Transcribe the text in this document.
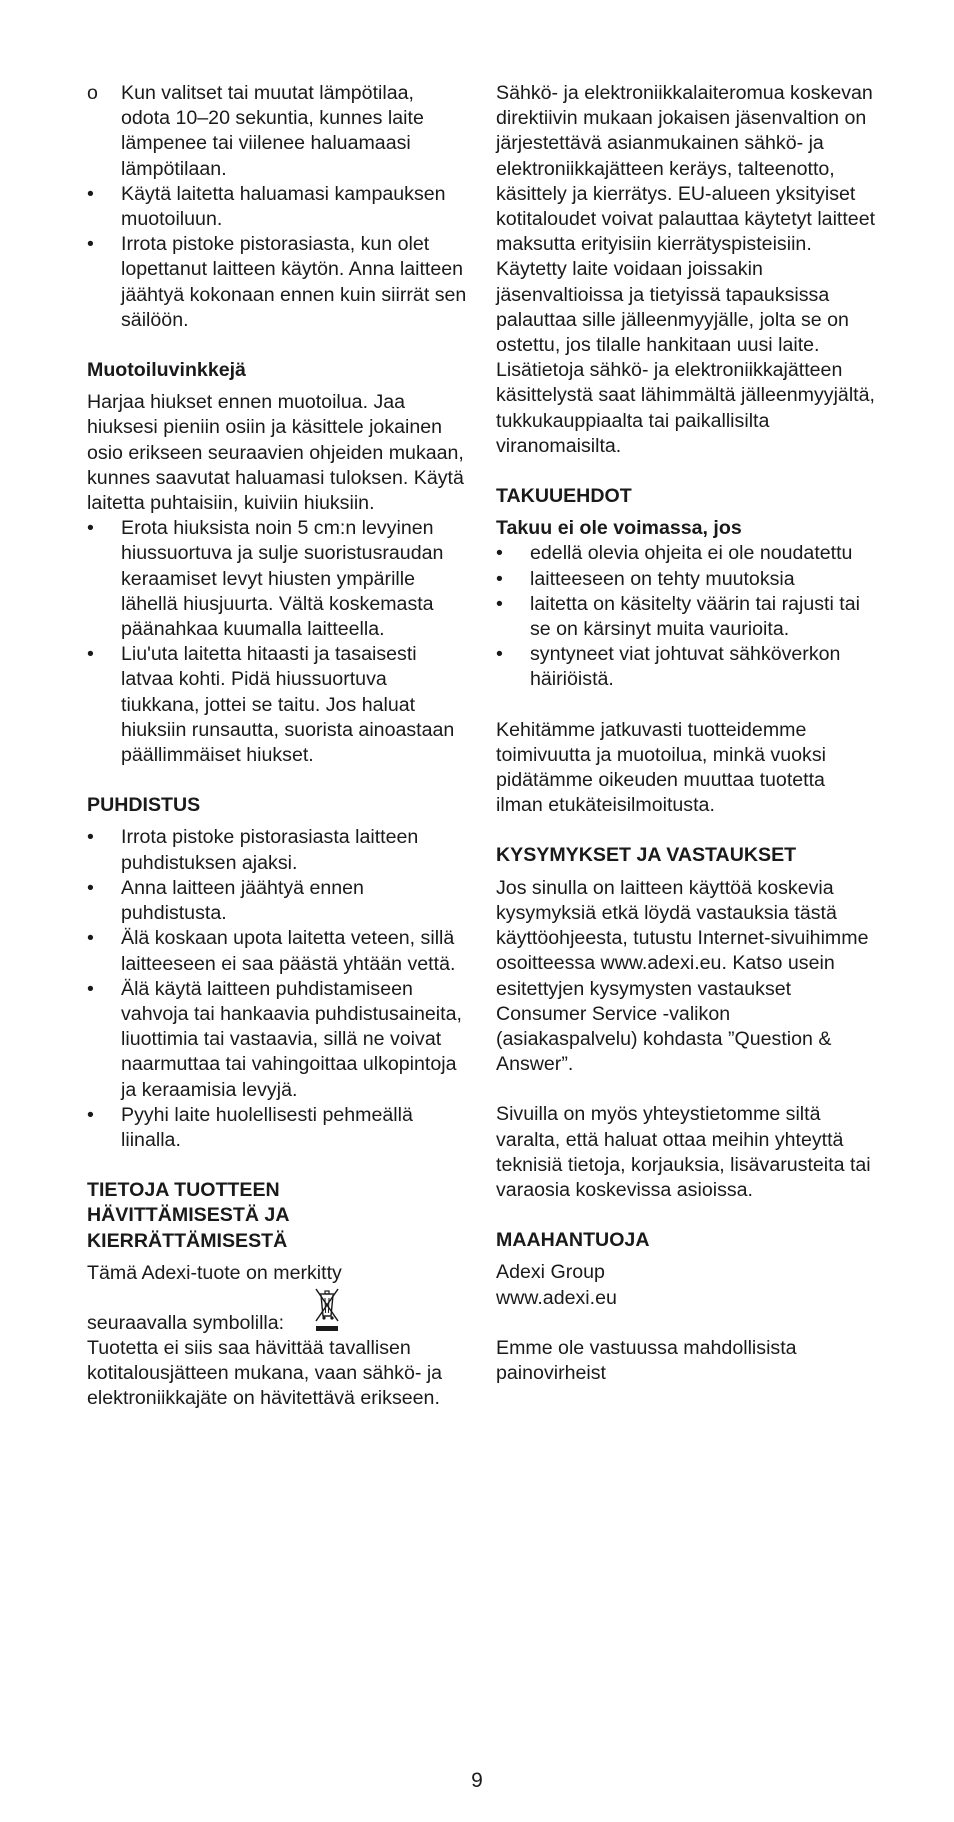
o	Kun valitset tai muutat lämpötilaa, odota 10–20 sekuntia, kunnes laite lämpenee tai viilenee haluamaasi lämpötilaan.
•	Käytä laitetta haluamasi kampauksen muotoiluun.
•	Irrota pistoke pistorasiasta, kun olet lopettanut laitteen käytön. Anna laitteen jäähtyä kokonaan ennen kuin siirrät sen säilöön.
Muotoiluvinkkejä

Harjaa hiukset ennen muotoilua. Jaa hiuksesi pieniin osiin ja käsittele jokainen osio erikseen seuraavien ohjeiden mukaan, kunnes saavutat haluamasi tuloksen. Käytä laitetta puhtaisiin, kuiviin hiuksiin.

•	Erota hiuksista noin 5 cm:n levyinen hiussuortuva ja sulje suoristusraudan keraamiset levyt hiusten ympärille lähellä hiusjuurta. Vältä koskemasta päänahkaa kuumalla laitteella.
•	Liu'uta laitetta hitaasti ja tasaisesti latvaa kohti. Pidä hiussuortuva tiukkana, jottei se taitu. Jos haluat hiuksiin runsautta, suorista ainoastaan päällimmäiset hiukset.
PUHDISTUS
•	Irrota pistoke pistorasiasta laitteen puhdistuksen ajaksi.
•	Anna laitteen jäähtyä ennen puhdistusta.
•	Älä koskaan upota laitetta veteen, sillä laitteeseen ei saa päästä yhtään vettä.
•	Älä käytä laitteen puhdistamiseen vahvoja tai hankaavia puhdistusaineita, liuottimia tai vastaavia, sillä ne voivat naarmuttaa tai vahingoittaa ulkopintoja ja keraamisia levyjä.
•	Pyyhi laite huolellisesti pehmeällä liinalla.
TIETOJA TUOTTEEN
HÄVITTÄMISESTÄ JA
KIERRÄTTÄMISESTÄ

Tämä Adexi-tuote on merkitty

seuraavalla symbolilla:

Tuotetta ei siis saa hävittää tavallisen kotitalousjätteen mukana, vaan sähkö- ja elektroniikkajäte on hävitettävä erikseen.

Sähkö- ja elektroniikkalaiteromua koskevan direktiivin mukaan jokaisen jäsenvaltion on järjestettävä asianmukainen sähkö- ja elektroniikkajätteen keräys, talteenotto, käsittely ja kierrätys. EU-alueen yksityiset kotitaloudet voivat palauttaa käytetyt laitteet maksutta erityisiin kierrätyspisteisiin. Käytetty laite voidaan joissakin jäsenvaltioissa ja tietyissä tapauksissa palauttaa sille jälleenmyyjälle, jolta se on ostettu, jos tilalle hankitaan uusi laite. Lisätietoja sähkö- ja elektroniikkajätteen käsittelystä saat lähimmältä jälleenmyyjältä, tukkukauppiaalta tai paikallisilta viranomaisilta.

TAKUUEHDOT
Takuu ei ole voimassa, jos
•	edellä olevia ohjeita ei ole noudatettu
•	laitteeseen on tehty muutoksia
•	laitetta on käsitelty väärin tai rajusti tai se on kärsinyt muita vaurioita.
•	syntyneet viat johtuvat sähköverkon häiriöistä.

Kehitämme jatkuvasti tuotteidemme toimivuutta ja muotoilua, minkä vuoksi pidätämme oikeuden muuttaa tuotetta ilman etukäteisilmoitusta.

KYSYMYKSET JA VASTAUKSET

Jos sinulla on laitteen käyttöä koskevia kysymyksiä etkä löydä vastauksia tästä käyttöohjeesta, tutustu Internet-sivuihimme osoitteessa www.adexi.eu. Katso usein esitettyjen kysymysten vastaukset Consumer Service -valikon (asiakaspalvelu) kohdasta ”Question & Answer”.

Sivuilla on myös yhteystietomme siltä varalta, että haluat ottaa meihin yhteyttä teknisiä tietoja, korjauksia, lisävarusteita tai varaosia koskevissa asioissa.

MAAHANTUOJA

Adexi Group

www.adexi.eu

Emme ole vastuussa mahdollisista painovirheist

9
